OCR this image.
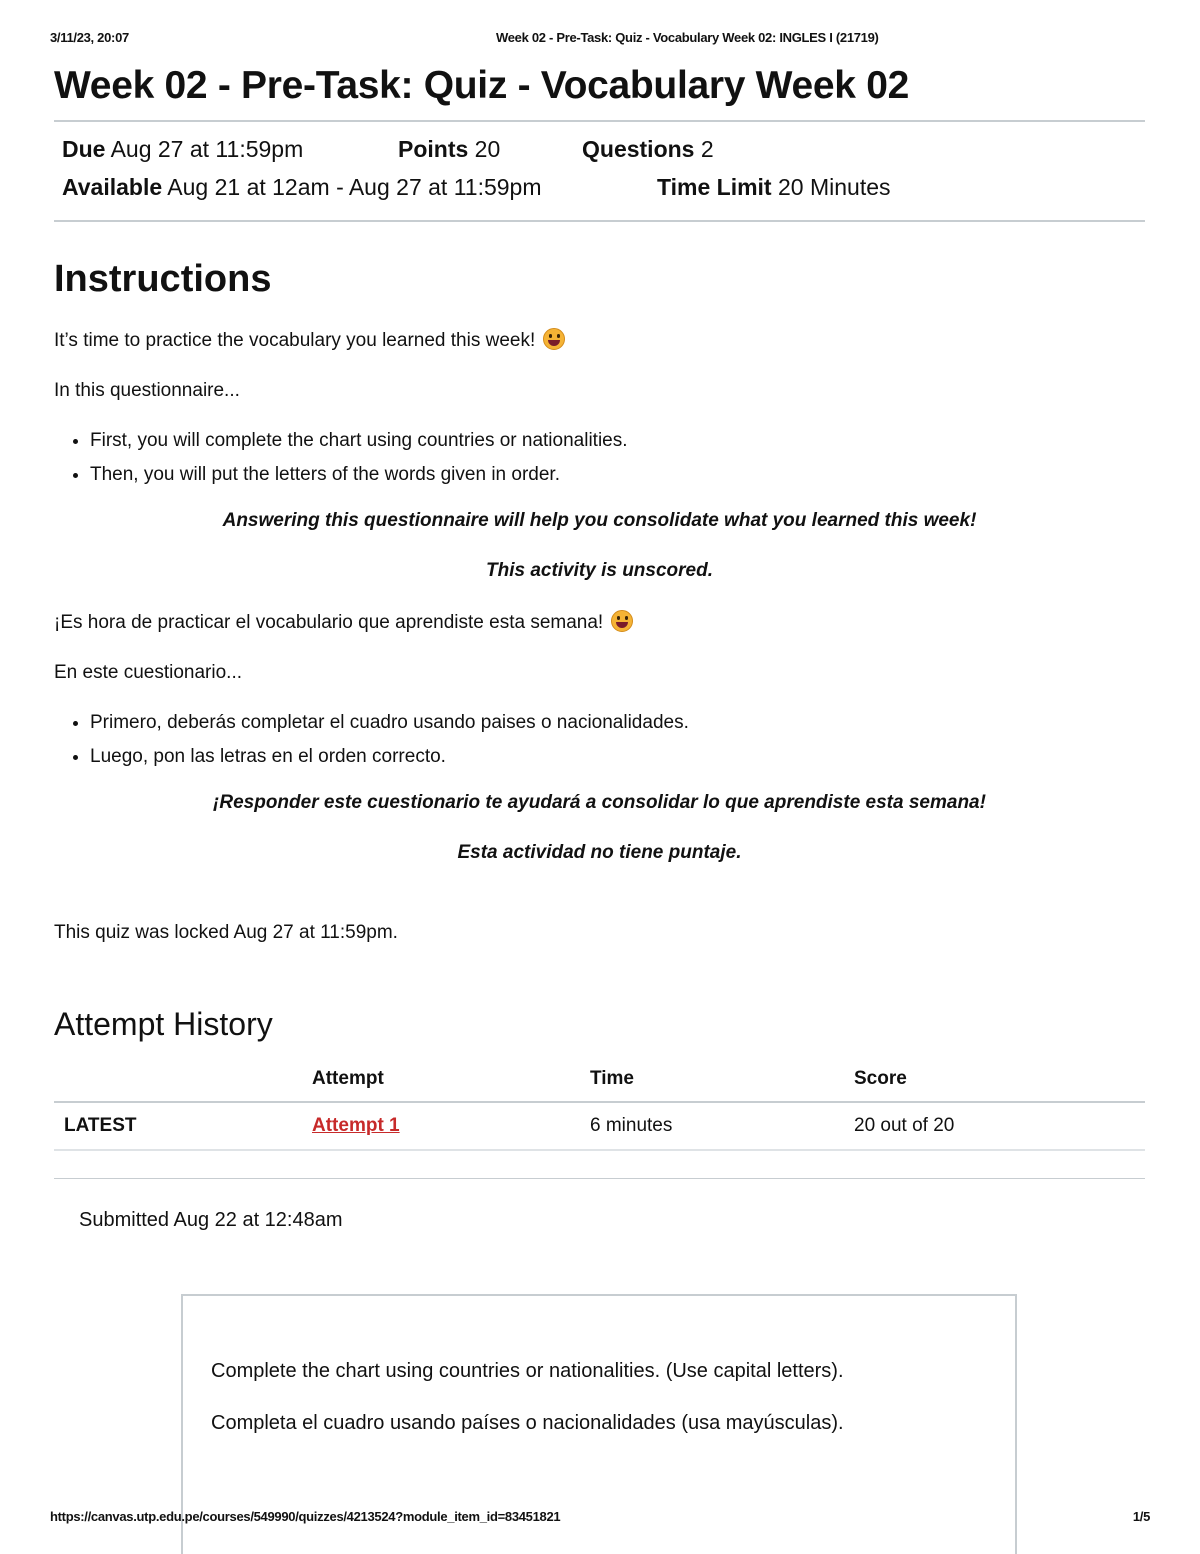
3/11/23, 20:07	Week 02 - Pre-Task: Quiz - Vocabulary Week 02: INGLES I (21719)
Week 02 - Pre-Task: Quiz - Vocabulary Week 02
Due Aug 27 at 11:59pm	Points 20	Questions 2
Available Aug 21 at 12am - Aug 27 at 11:59pm	Time Limit 20 Minutes
Instructions

It’s time to practice the vocabulary you learned this week!

In this questionnaire...

• First, you will complete the chart using countries or nationalities.
• Then, you will put the letters of the words given in order.

Answering this questionnaire will help you consolidate what you learned this week!

This activity is unscored.

¡Es hora de practicar el vocabulario que aprendiste esta semana!

En este cuestionario...

• Primero, deberás completar el cuadro usando paises o nacionalidades.
• Luego, pon las letras en el orden correcto.

¡Responder este cuestionario te ayudará a consolidar lo que aprendiste esta semana!

Esta actividad no tiene puntaje.

This quiz was locked Aug 27 at 11:59pm.

Attempt History
	Attempt	Time	Score
LATEST	Attempt 1	6 minutes	20 out of 20

Submitted Aug 22 at 12:48am

Complete the chart using countries or nationalities. (Use capital letters).

Completa el cuadro usando países o nacionalidades (usa mayúsculas).

https://canvas.utp.edu.pe/courses/549990/quizzes/4213524?module_item_id=83451821	1/5
